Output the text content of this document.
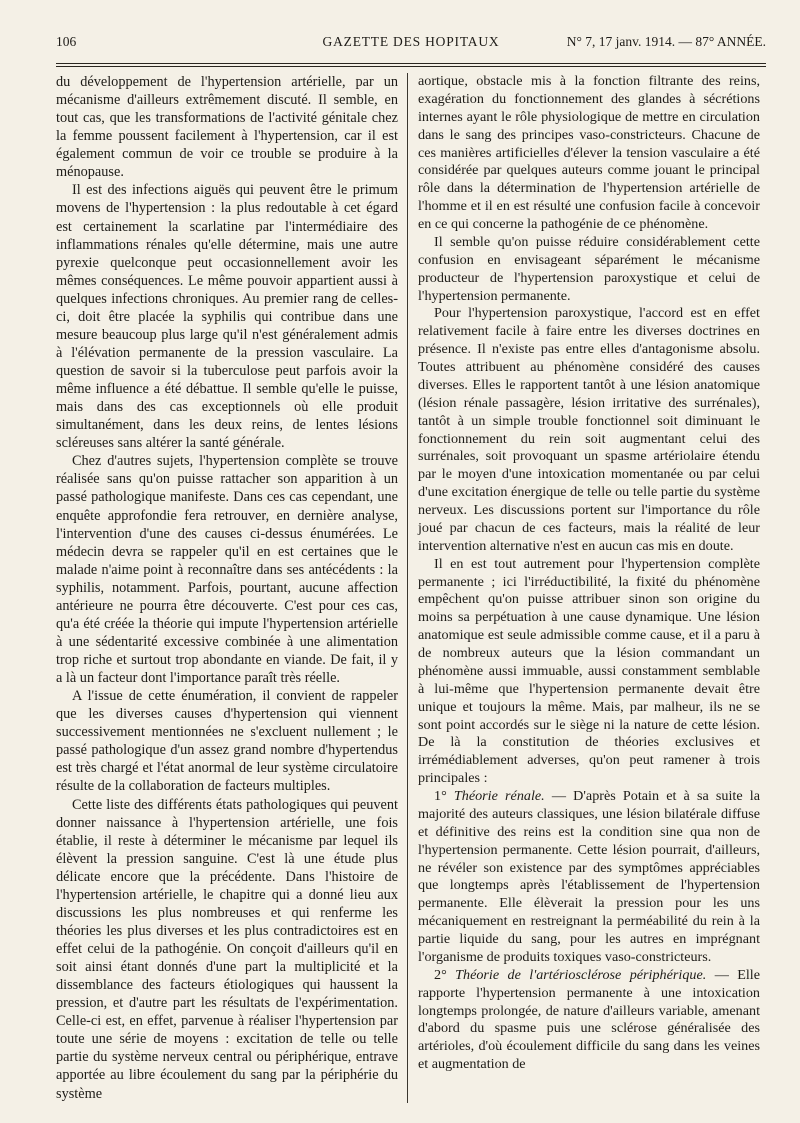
106	GAZETTE DES HOPITAUX	N° 7, 17 janv. 1914. — 87° ANNÉE.

du développement de l'hypertension artérielle, par un mécanisme d'ailleurs extrêmement discuté. Il semble, en tout cas, que les transformations de l'activité génitale chez la femme poussent facilement à l'hypertension, car il est également commun de voir ce trouble se produire à la ménopause.

Il est des infections aiguës qui peuvent être le primum movens de l'hypertension : la plus redoutable à cet égard est certainement la scarlatine par l'intermédiaire des inflammations rénales qu'elle détermine, mais une autre pyrexie quelconque peut occasionnellement avoir les mêmes conséquences. Le même pouvoir appartient aussi à quelques infections chroniques. Au premier rang de celles-ci, doit être placée la syphilis qui contribue dans une mesure beaucoup plus large qu'il n'est généralement admis à l'élévation permanente de la pression vasculaire. La question de savoir si la tuberculose peut parfois avoir la même influence a été débattue. Il semble qu'elle le puisse, mais dans des cas exceptionnels où elle produit simultanément, dans les deux reins, de lentes lésions scléreuses sans altérer la santé générale.

Chez d'autres sujets, l'hypertension complète se trouve réalisée sans qu'on puisse rattacher son apparition à un passé pathologique manifeste. Dans ces cas cependant, une enquête approfondie fera retrouver, en dernière analyse, l'intervention d'une des causes ci-dessus énumérées. Le médecin devra se rappeler qu'il en est certaines que le malade n'aime point à reconnaître dans ses antécédents : la syphilis, notamment. Parfois, pourtant, aucune affection antérieure ne pourra être découverte. C'est pour ces cas, qu'a été créée la théorie qui impute l'hypertension artérielle à une sédentarité excessive combinée à une alimentation trop riche et surtout trop abondante en viande. De fait, il y a là un facteur dont l'importance paraît très réelle.

A l'issue de cette énumération, il convient de rappeler que les diverses causes d'hypertension qui viennent successivement mentionnées ne s'excluent nullement ; le passé pathologique d'un assez grand nombre d'hypertendus est très chargé et l'état anormal de leur système circulatoire résulte de la collaboration de facteurs multiples.

Cette liste des différents états pathologiques qui peuvent donner naissance à l'hypertension artérielle, une fois établie, il reste à déterminer le mécanisme par lequel ils élèvent la pression sanguine. C'est là une étude plus délicate encore que la précédente. Dans l'histoire de l'hypertension artérielle, le chapitre qui a donné lieu aux discussions les plus nombreuses et qui renferme les théories les plus diverses et les plus contradictoires est en effet celui de la pathogénie. On conçoit d'ailleurs qu'il en soit ainsi étant donnés d'une part la multiplicité et la dissemblance des facteurs étiologiques qui haussent la pression, et d'autre part les résultats de l'expérimentation. Celle-ci est, en effet, parvenue à réaliser l'hypertension par toute une série de moyens : excitation de telle ou telle partie du système nerveux central ou périphérique, entrave apportée au libre écoulement du sang par la périphérie du système

aortique, obstacle mis à la fonction filtrante des reins, exagération du fonctionnement des glandes à sécrétions internes ayant le rôle physiologique de mettre en circulation dans le sang des principes vaso-constricteurs. Chacune de ces manières artificielles d'élever la tension vasculaire a été considérée par quelques auteurs comme jouant le principal rôle dans la détermination de l'hypertension artérielle de l'homme et il en est résulté une confusion facile à concevoir en ce qui concerne la pathogénie de ce phénomène.

Il semble qu'on puisse réduire considérablement cette confusion en envisageant séparément le mécanisme producteur de l'hypertension paroxystique et celui de l'hypertension permanente.

Pour l'hypertension paroxystique, l'accord est en effet relativement facile à faire entre les diverses doctrines en présence. Il n'existe pas entre elles d'antagonisme absolu. Toutes attribuent au phénomène considéré des causes diverses. Elles le rapportent tantôt à une lésion anatomique (lésion rénale passagère, lésion irritative des surrénales), tantôt à un simple trouble fonctionnel soit diminuant le fonctionnement du rein soit augmentant celui des surrénales, soit provoquant un spasme artériolaire étendu par le moyen d'une intoxication momentanée ou par celui d'une excitation énergique de telle ou telle partie du système nerveux. Les discussions portent sur l'importance du rôle joué par chacun de ces facteurs, mais la réalité de leur intervention alternative n'est en aucun cas mis en doute.

Il en est tout autrement pour l'hypertension complète permanente ; ici l'irréductibilité, la fixité du phénomène empêchent qu'on puisse attribuer sinon son origine du moins sa perpétuation à une cause dynamique. Une lésion anatomique est seule admissible comme cause, et il a paru à de nombreux auteurs que la lésion commandant un phénomène aussi immuable, aussi constamment semblable à lui-même que l'hypertension permanente devait être unique et toujours la même. Mais, par malheur, ils ne se sont point accordés sur le siège ni la nature de cette lésion. De là la constitution de théories exclusives et irrémédiablement adverses, qu'on peut ramener à trois principales :

1° Théorie rénale. — D'après Potain et à sa suite la majorité des auteurs classiques, une lésion bilatérale diffuse et définitive des reins est la condition sine qua non de l'hypertension permanente. Cette lésion pourrait, d'ailleurs, ne révéler son existence par des symptômes appréciables que longtemps après l'établissement de l'hypertension permanente. Elle élèverait la pression pour les uns mécaniquement en restreignant la perméabilité du rein à la partie liquide du sang, pour les autres en imprégnant l'organisme de produits toxiques vaso-constricteurs.

2° Théorie de l'artériosclérose périphérique. — Elle rapporte l'hypertension permanente à une intoxication longtemps prolongée, de nature d'ailleurs variable, amenant d'abord du spasme puis une sclérose généralisée des artérioles, d'où écoulement difficile du sang dans les veines et augmentation de
